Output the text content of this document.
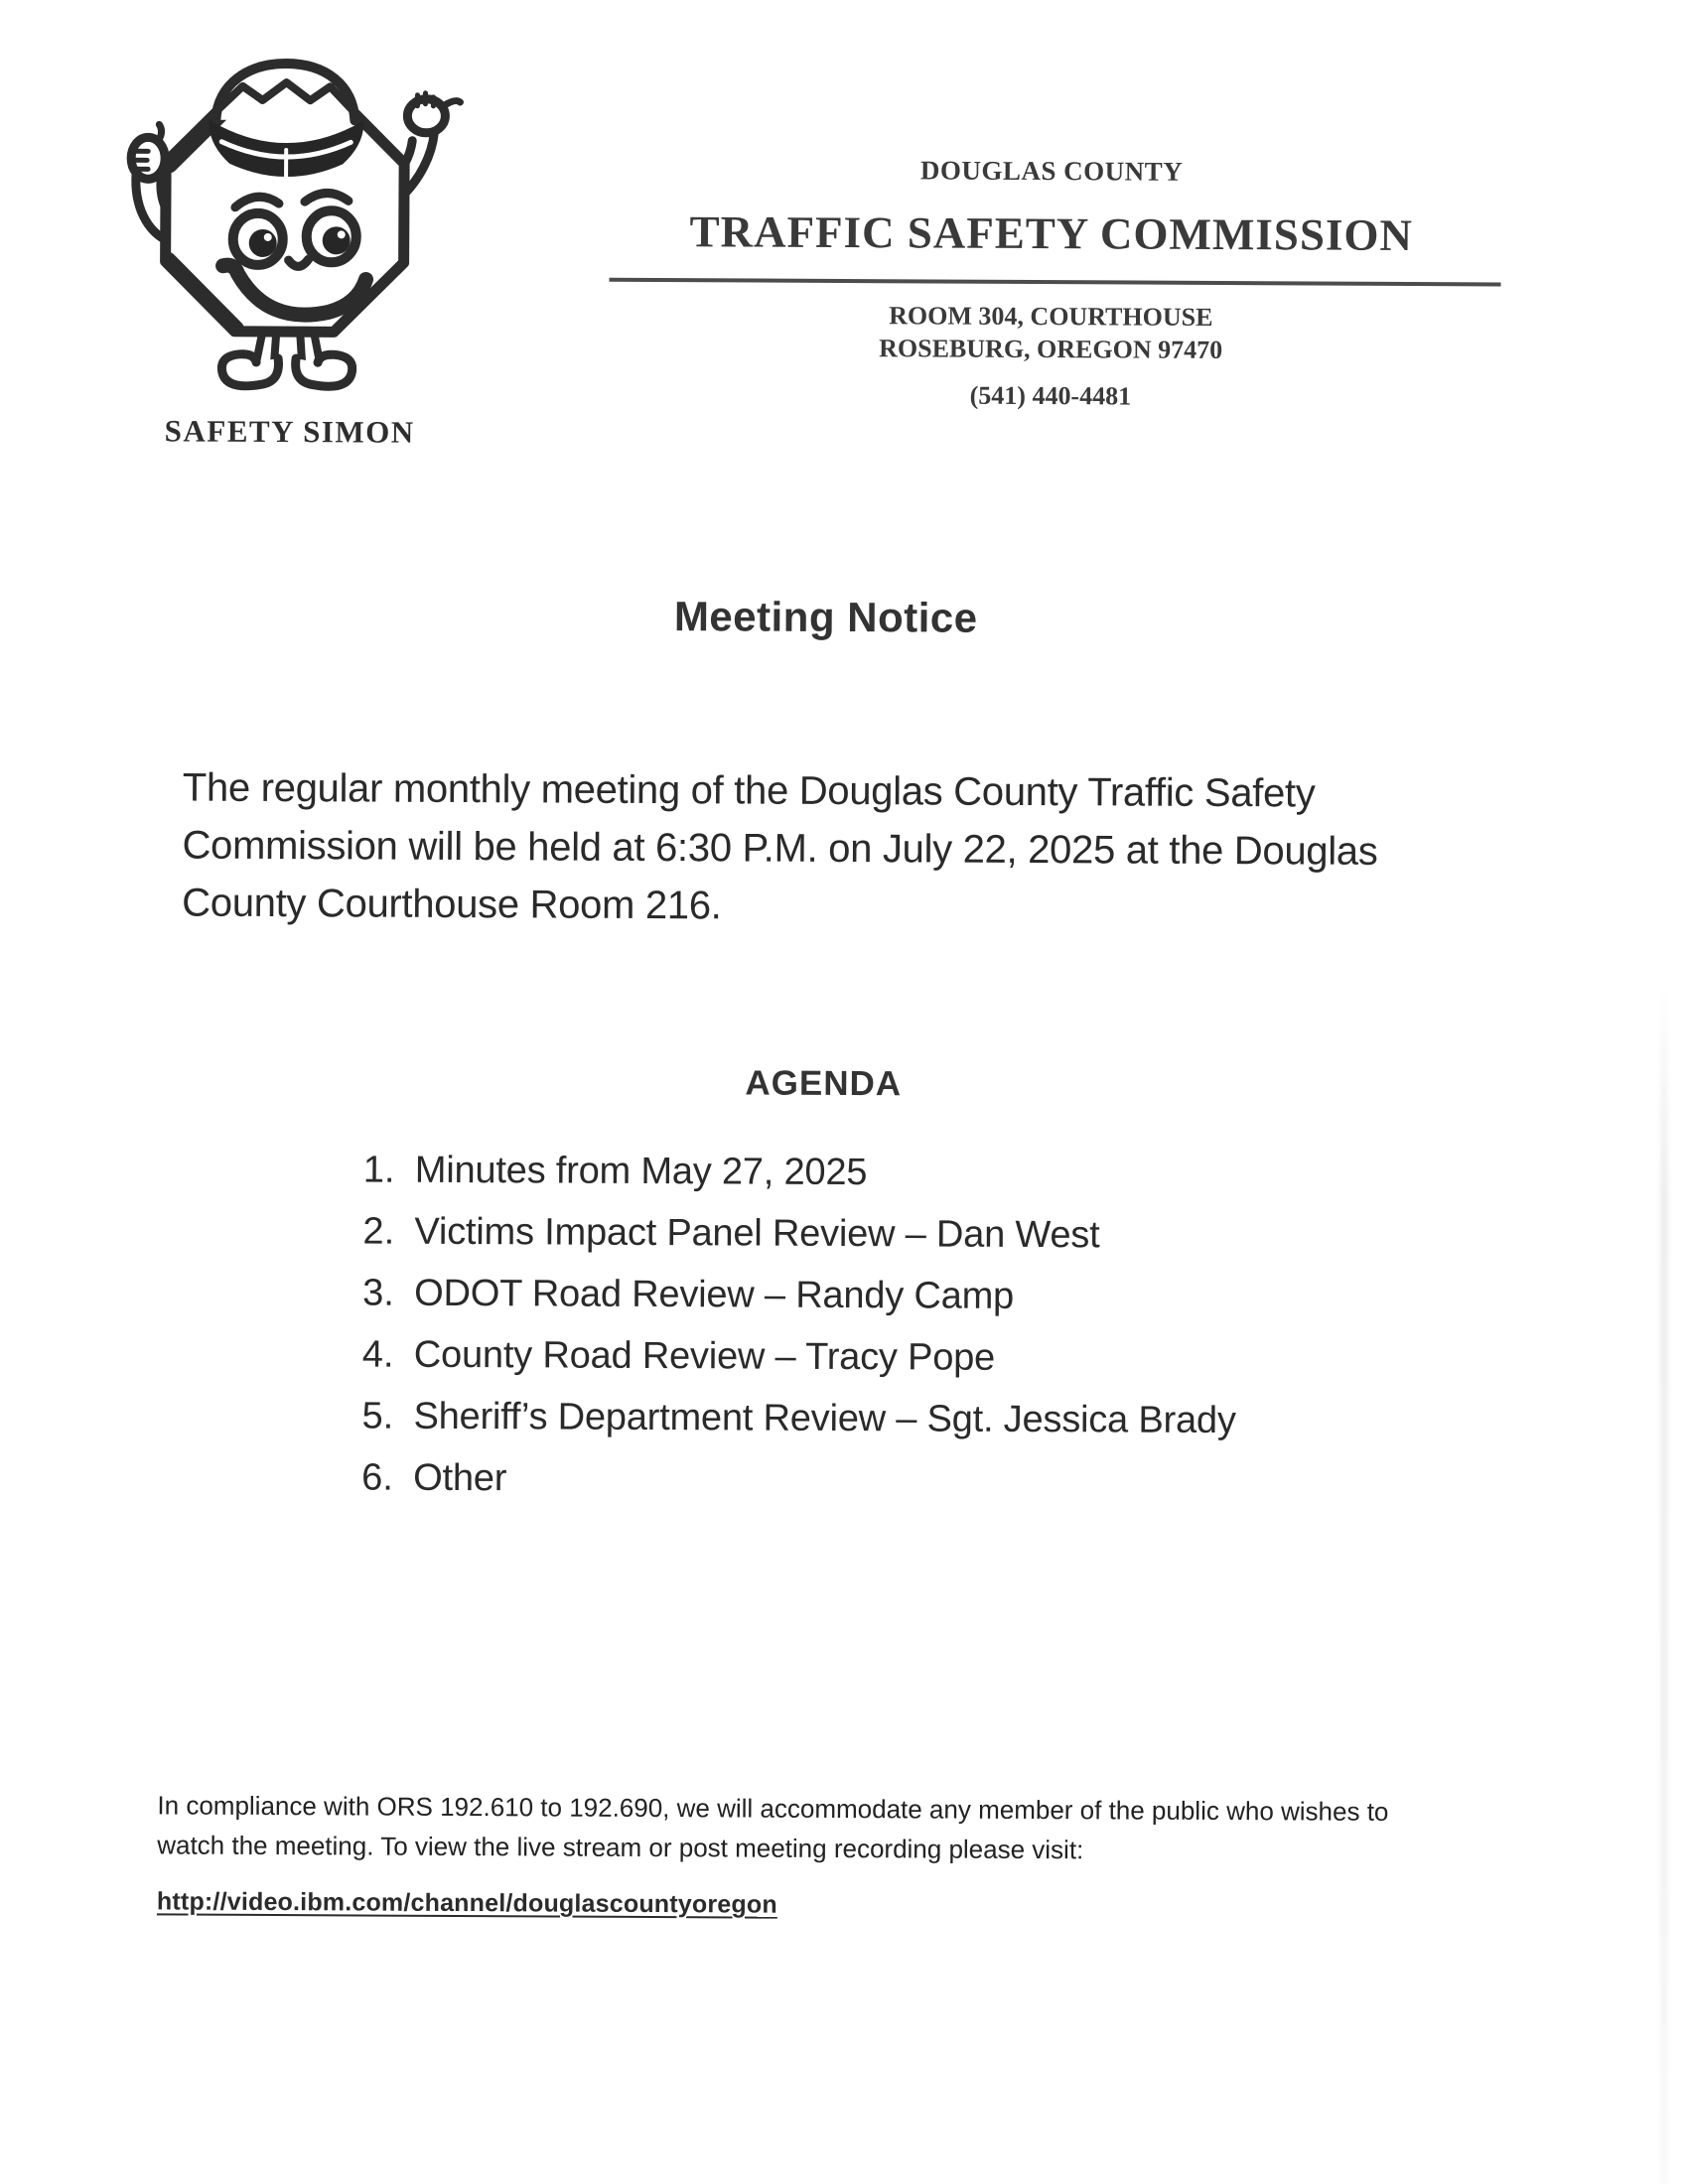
SAFETY SIMON
DOUGLAS COUNTY
TRAFFIC SAFETY COMMISSION
ROOM 304, COURTHOUSE
ROSEBURG, OREGON 97470
(541) 440-4481
Meeting Notice
The regular monthly meeting of the Douglas County Traffic Safety
Commission will be held at 6:30 P.M. on July 22, 2025 at the Douglas
County Courthouse Room 216.
AGENDA
1. Minutes from May 27, 2025
2. Victims Impact Panel Review – Dan West
3. ODOT Road Review – Randy Camp
4. County Road Review – Tracy Pope
5. Sheriff’s Department Review – Sgt. Jessica Brady
6. Other
In compliance with ORS 192.610 to 192.690, we will accommodate any member of the public who wishes to
watch the meeting. To view the live stream or post meeting recording please visit:
http://video.ibm.com/channel/douglascountyoregon
